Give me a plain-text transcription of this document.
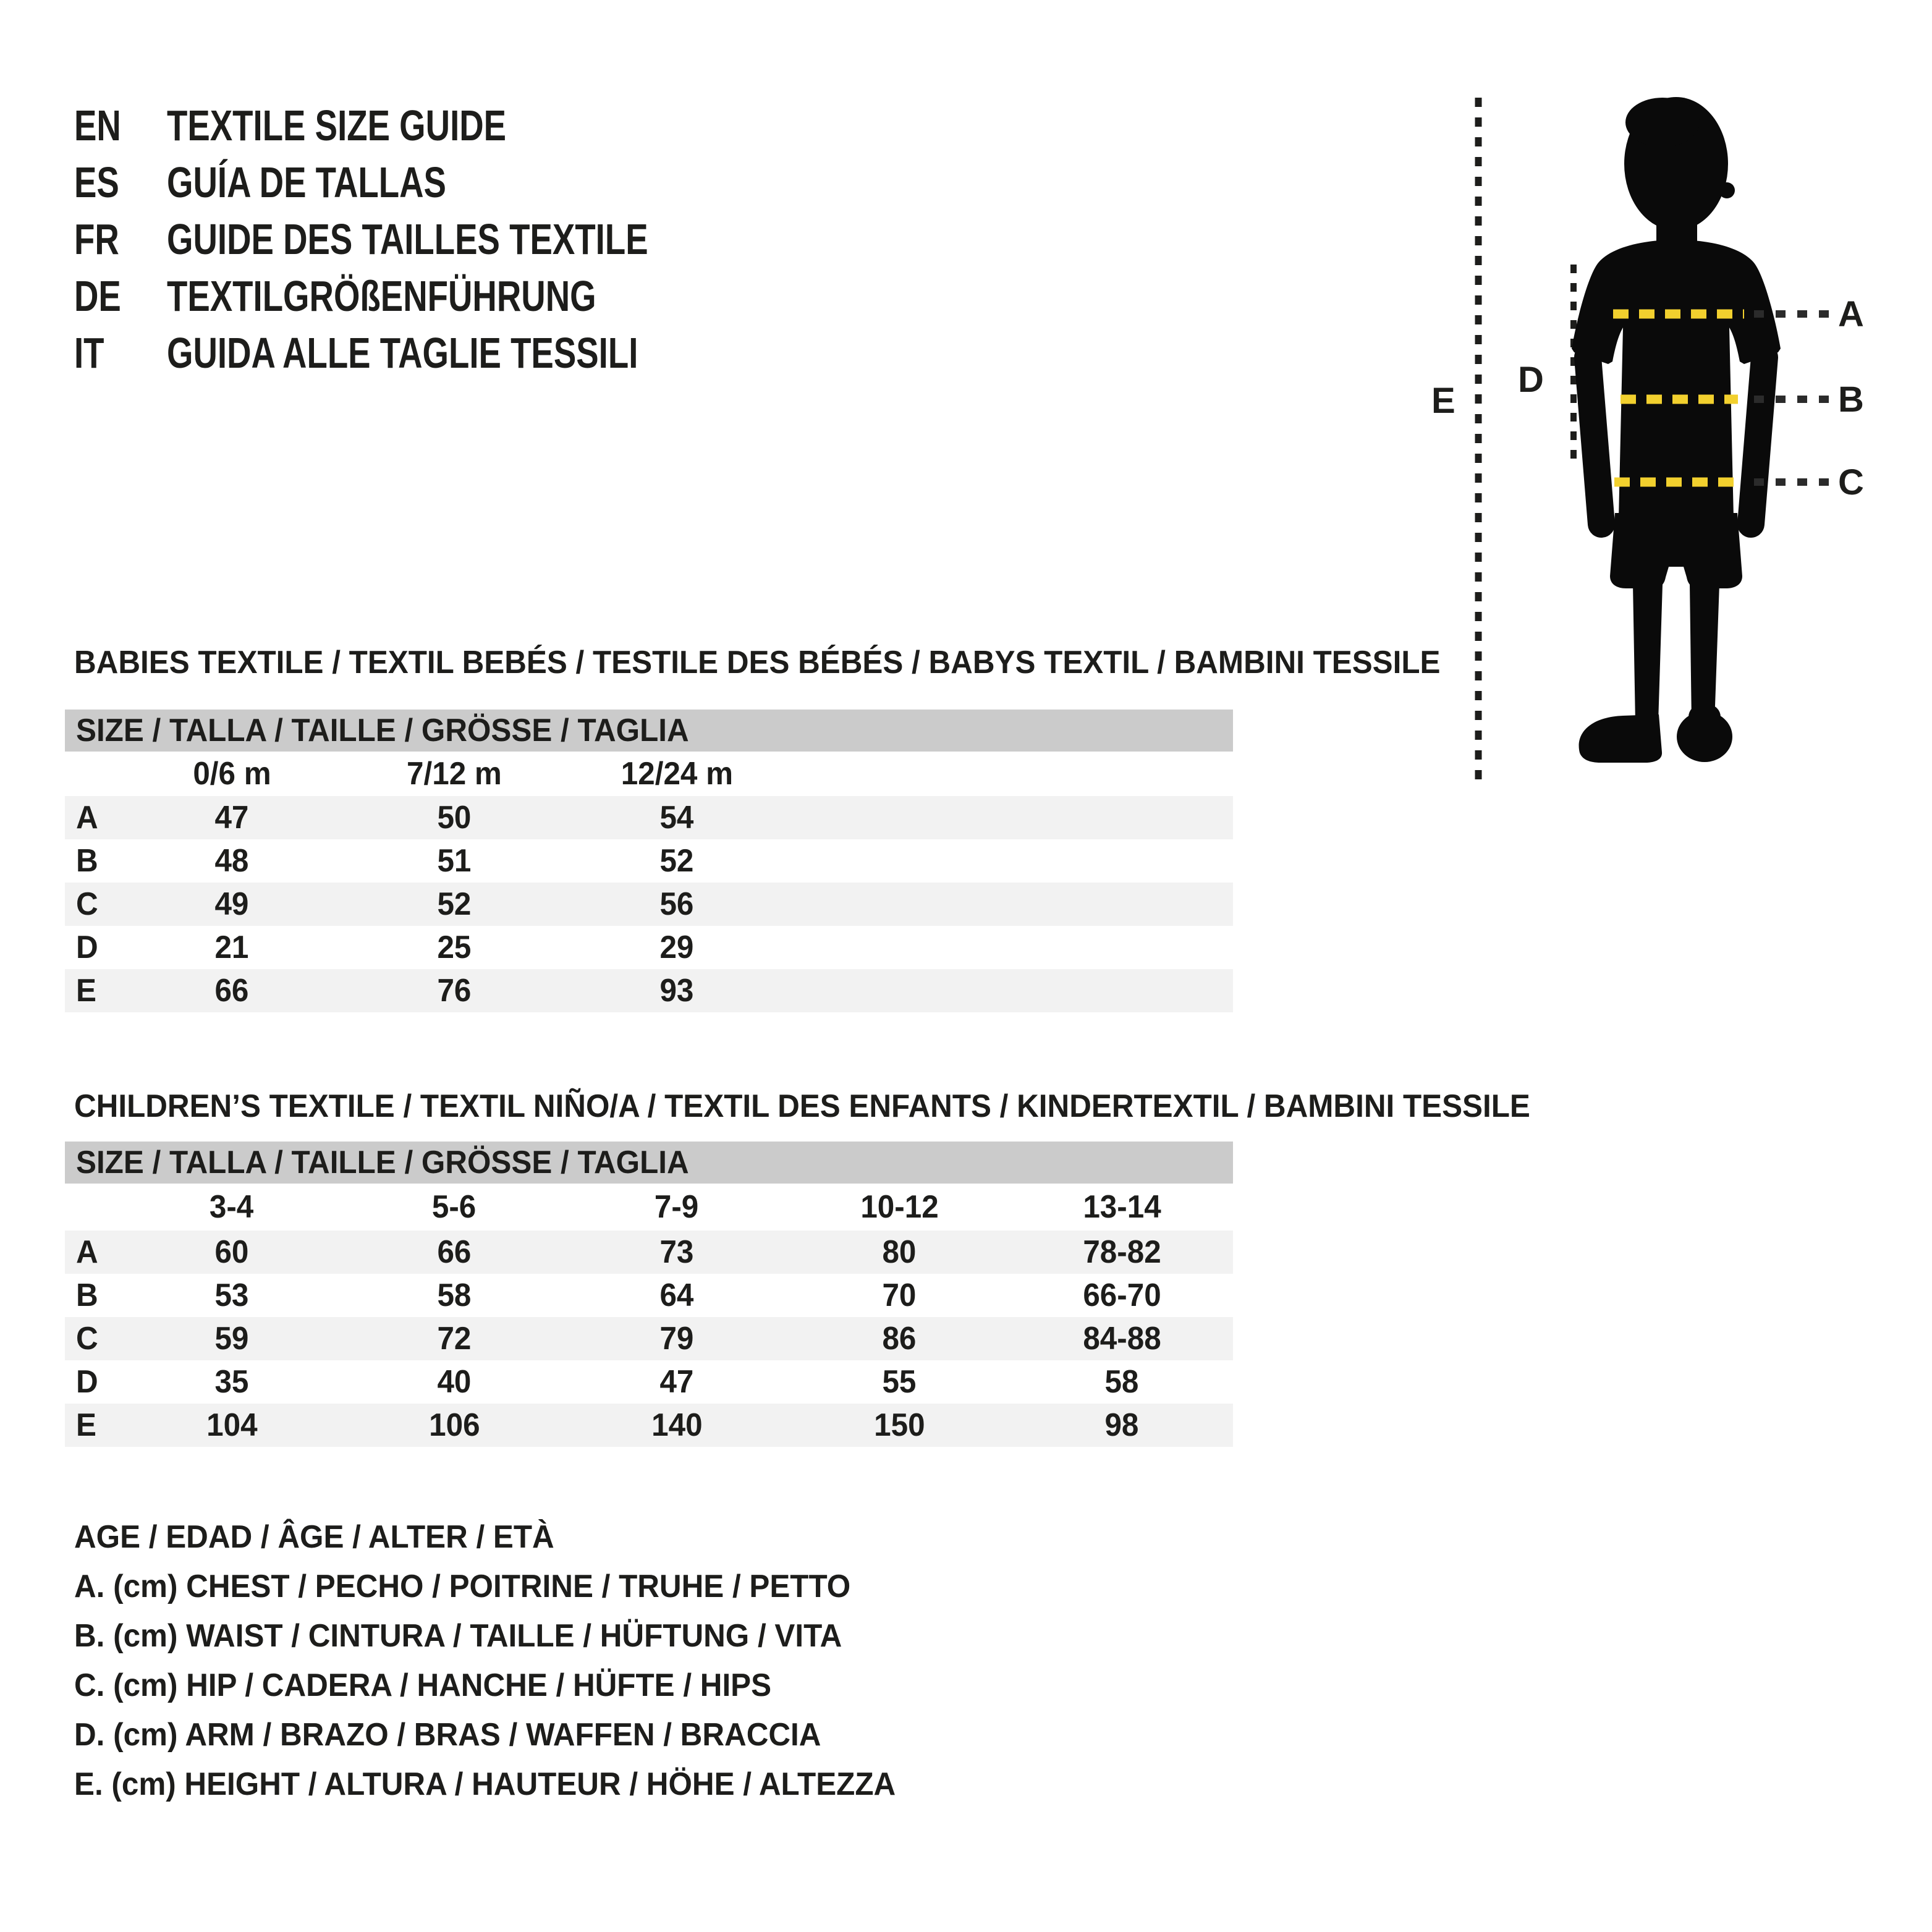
EN	TEXTILE SIZE GUIDE
ES	GUÍA DE TALLAS
FR	GUIDE DES TAILLES TEXTILE
DE	TEXTILGRÖßENFÜHRUNG
IT	GUIDA ALLE TAGLIE TESSILI
BABIES TEXTILE / TEXTIL BEBÉS / TESTILE DES BÉBÉS / BABYS TEXTIL / BAMBINI TESSILE
SIZE / TALLA / TAILLE / GRÖSSE / TAGLIA
0/6 m	7/12 m	12/24 m
A	47	50	54
B	48	51	52
C	49	52	56
D	21	25	29
E	66	76	93
CHILDREN’S TEXTILE / TEXTIL NIÑO/A / TEXTIL DES ENFANTS / KINDERTEXTIL / BAMBINI TESSILE
SIZE / TALLA / TAILLE / GRÖSSE / TAGLIA
3-4	5-6	7-9	10-12	13-14
A	60	66	73	80	78-82
B	53	58	64	70	66-70
C	59	72	79	86	84-88
D	35	40	47	55	58
E	104	106	140	150	98
AGE / EDAD / ÂGE / ALTER / ETÀ
A. (cm) CHEST / PECHO / POITRINE / TRUHE / PETTO
B. (cm) WAIST / CINTURA / TAILLE / HÜFTUNG / VITA
C. (cm) HIP / CADERA / HANCHE / HÜFTE / HIPS
D. (cm) ARM / BRAZO / BRAS / WAFFEN / BRACCIA
E. (cm) HEIGHT / ALTURA / HAUTEUR / HÖHE / ALTEZZA
A
B
C
D
E
